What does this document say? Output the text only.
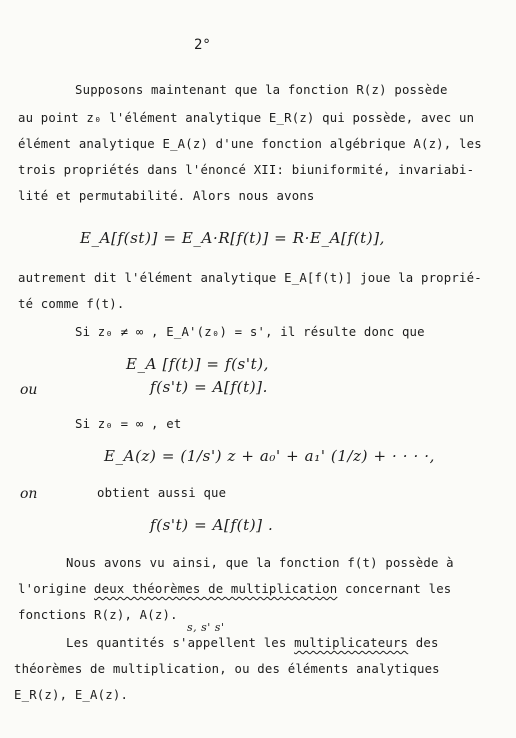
2°
Supposons maintenant que la fonction R(z) possède
au point z₀ l'élément analytique E_R(z) qui possède, avec un
élément analytique E_A(z) d'une fonction algébrique A(z), les
trois propriétés dans l'énoncé XII: biuniformité, invariabi-
lité et permutabilité. Alors nous avons
E_A[f(st)] = E_A·R[f(t)] = R·E_A[f(t)],
autrement dit l'élément analytique E_A[f(t)] joue la proprié-
té comme f(t).
Si z₀ ≠ ∞ , E_A'(z₀) = s', il résulte donc que
E_A [f(t)] = f(s't),
ou	f(s't) = A[f(t)].
Si z₀ = ∞ , et
E_A(z) = (1/s') z + a₀' + a₁' (1/z) + · · · ·,
on	obtient aussi que
f(s't) = A[f(t)] .
Nous avons vu ainsi, que la fonction f(t) possède à
l'origine deux théorèmes de multiplication concernant les
fonctions R(z), A(z).
s, s' s'
Les quantités s'appellent les multiplicateurs des
théorèmes de multiplication, ou des éléments analytiques
E_R(z), E_A(z).
